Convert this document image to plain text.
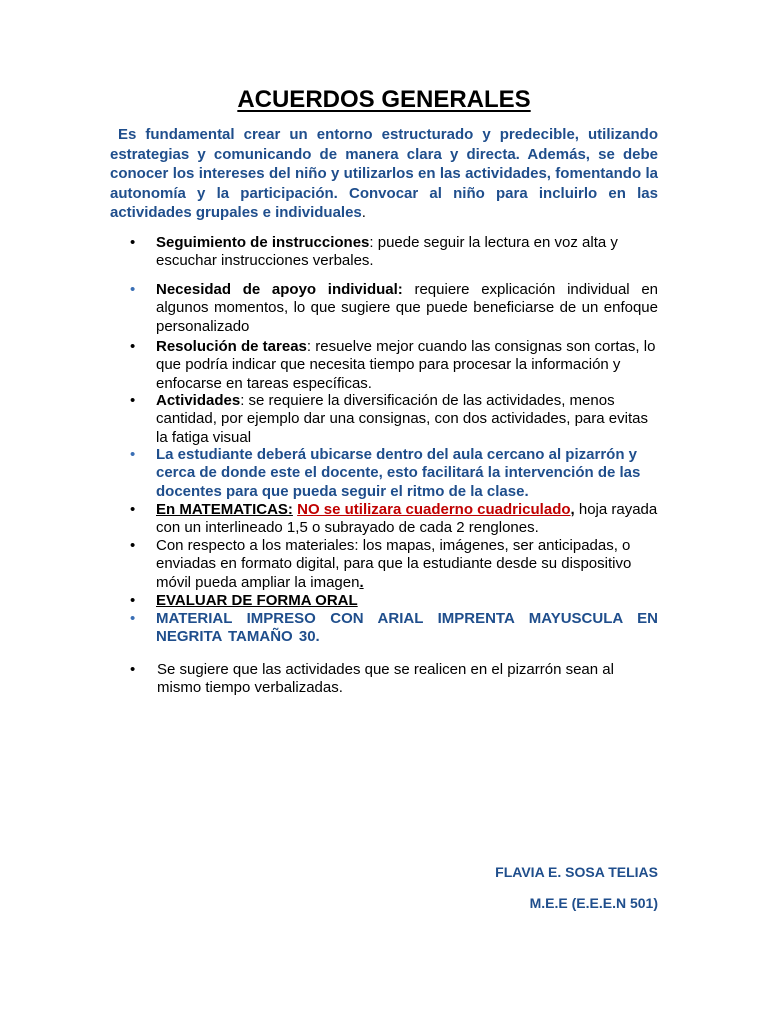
ACUERDOS GENERALES

Es fundamental crear un entorno estructurado y predecible, utilizando estrategias y comunicando de manera clara y directa. Además, se debe conocer los intereses del niño y utilizarlos en las actividades, fomentando la autonomía y la participación. Convocar al niño para incluirlo en las actividades grupales e individuales.

• Seguimiento de instrucciones: puede seguir la lectura en voz alta y escuchar instrucciones verbales.
• Necesidad de apoyo individual: requiere explicación individual en algunos momentos, lo que sugiere que puede beneficiarse de un enfoque personalizado
• Resolución de tareas: resuelve mejor cuando las consignas son cortas, lo que podría indicar que necesita tiempo para procesar la información y enfocarse en tareas específicas.
• Actividades: se requiere la diversificación de las actividades, menos cantidad, por ejemplo dar una consignas, con dos actividades, para evitas la fatiga visual
• La estudiante deberá ubicarse dentro del aula cercano al pizarrón y cerca de donde este el docente, esto facilitará la intervención de las docentes para que pueda seguir el ritmo de la clase.
• En MATEMATICAS: NO se utilizara cuaderno cuadriculado, hoja rayada con un interlineado 1,5 o subrayado de cada 2 renglones.
• Con respecto a los materiales: los mapas, imágenes, ser anticipadas, o enviadas en formato digital, para que la estudiante desde su dispositivo móvil pueda ampliar la imagen.
• EVALUAR DE FORMA ORAL
• MATERIAL IMPRESO CON ARIAL IMPRENTA MAYUSCULA EN NEGRITA TAMAÑO 30.
• Se sugiere que las actividades que se realicen en el pizarrón sean al mismo tiempo verbalizadas.
FLAVIA E. SOSA TELIAS
M.E.E (E.E.E.N 501)
